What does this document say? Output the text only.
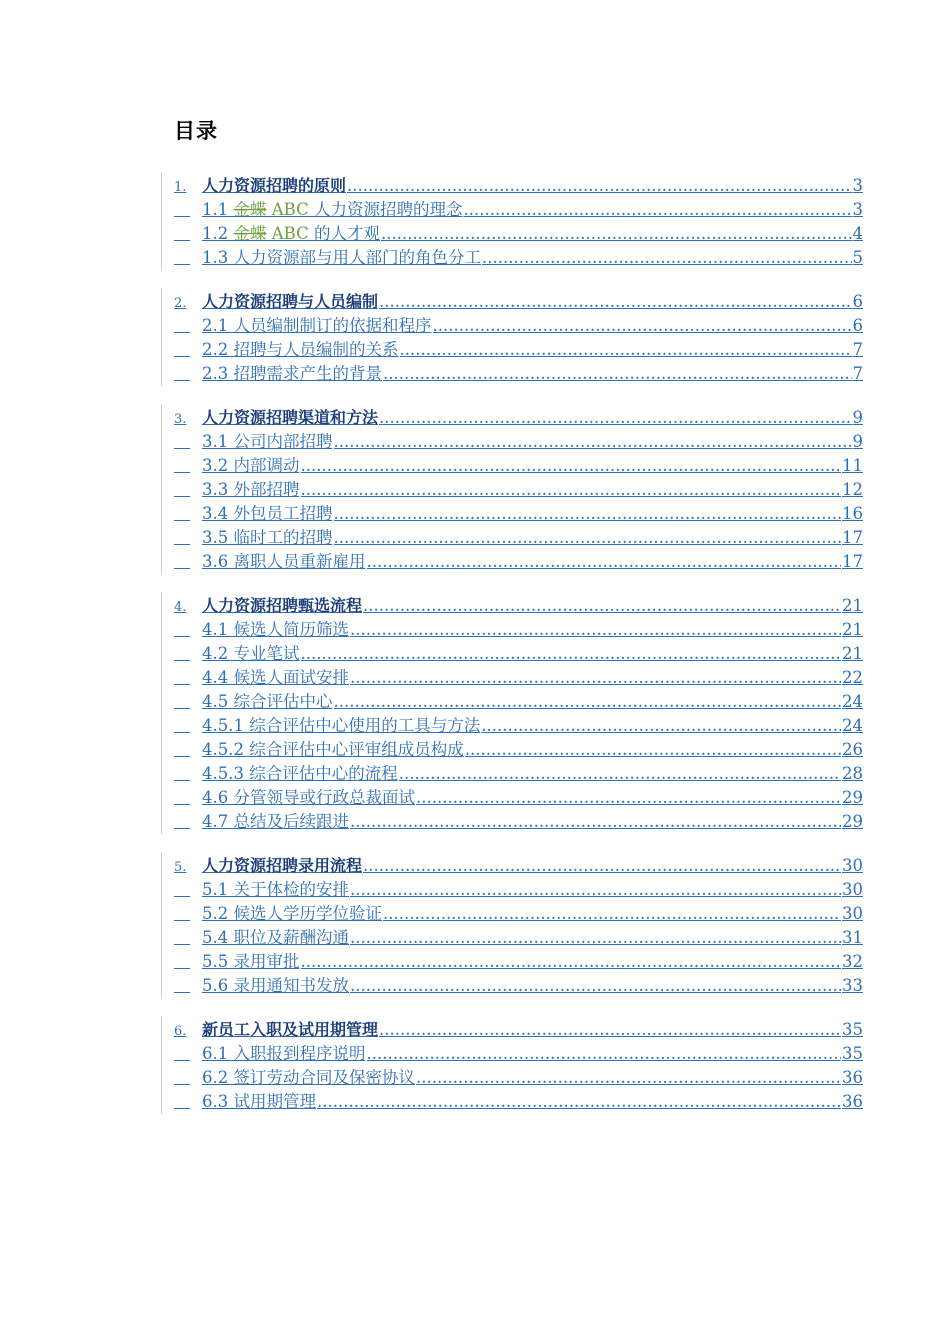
目录
1. 人力资源招聘的原则 .....	3
1.1 金蝶 ABC 人力资源招聘的理念 .....	3
1.2 金蝶 ABC 的人才观 .....	4
1.3 人力资源部与用人部门的角色分工 .....	5
2. 人力资源招聘与人员编制 .....	6
2.1 人员编制制订的依据和程序 .....	6
2.2 招聘与人员编制的关系 .....	7
2.3 招聘需求产生的背景 .....	7
3. 人力资源招聘渠道和方法 .....	9
3.1 公司内部招聘 .....	9
3.2 内部调动 .....	11
3.3 外部招聘 .....	12
3.4 外包员工招聘 .....	16
3.5 临时工的招聘 .....	17
3.6 离职人员重新雇用 .....	17
4. 人力资源招聘甄选流程 .....	21
4.1 候选人简历筛选 .....	21
4.2 专业笔试 .....	21
4.4 候选人面试安排 .....	22
4.5 综合评估中心 .....	24
4.5.1 综合评估中心使用的工具与方法 .....	24
4.5.2 综合评估中心评审组成员构成 .....	26
4.5.3 综合评估中心的流程 .....	28
4.6 分管领导或行政总裁面试 .....	29
4.7 总结及后续跟进 .....	29
5. 人力资源招聘录用流程 .....	30
5.1 关于体检的安排 .....	30
5.2 候选人学历学位验证 .....	30
5.4 职位及薪酬沟通 .....	31
5.5 录用审批 .....	32
5.6 录用通知书发放 .....	33
6. 新员工入职及试用期管理 .....	35
6.1 入职报到程序说明 .....	35
6.2 签订劳动合同及保密协议 .....	36
6.3 试用期管理 .....	36
